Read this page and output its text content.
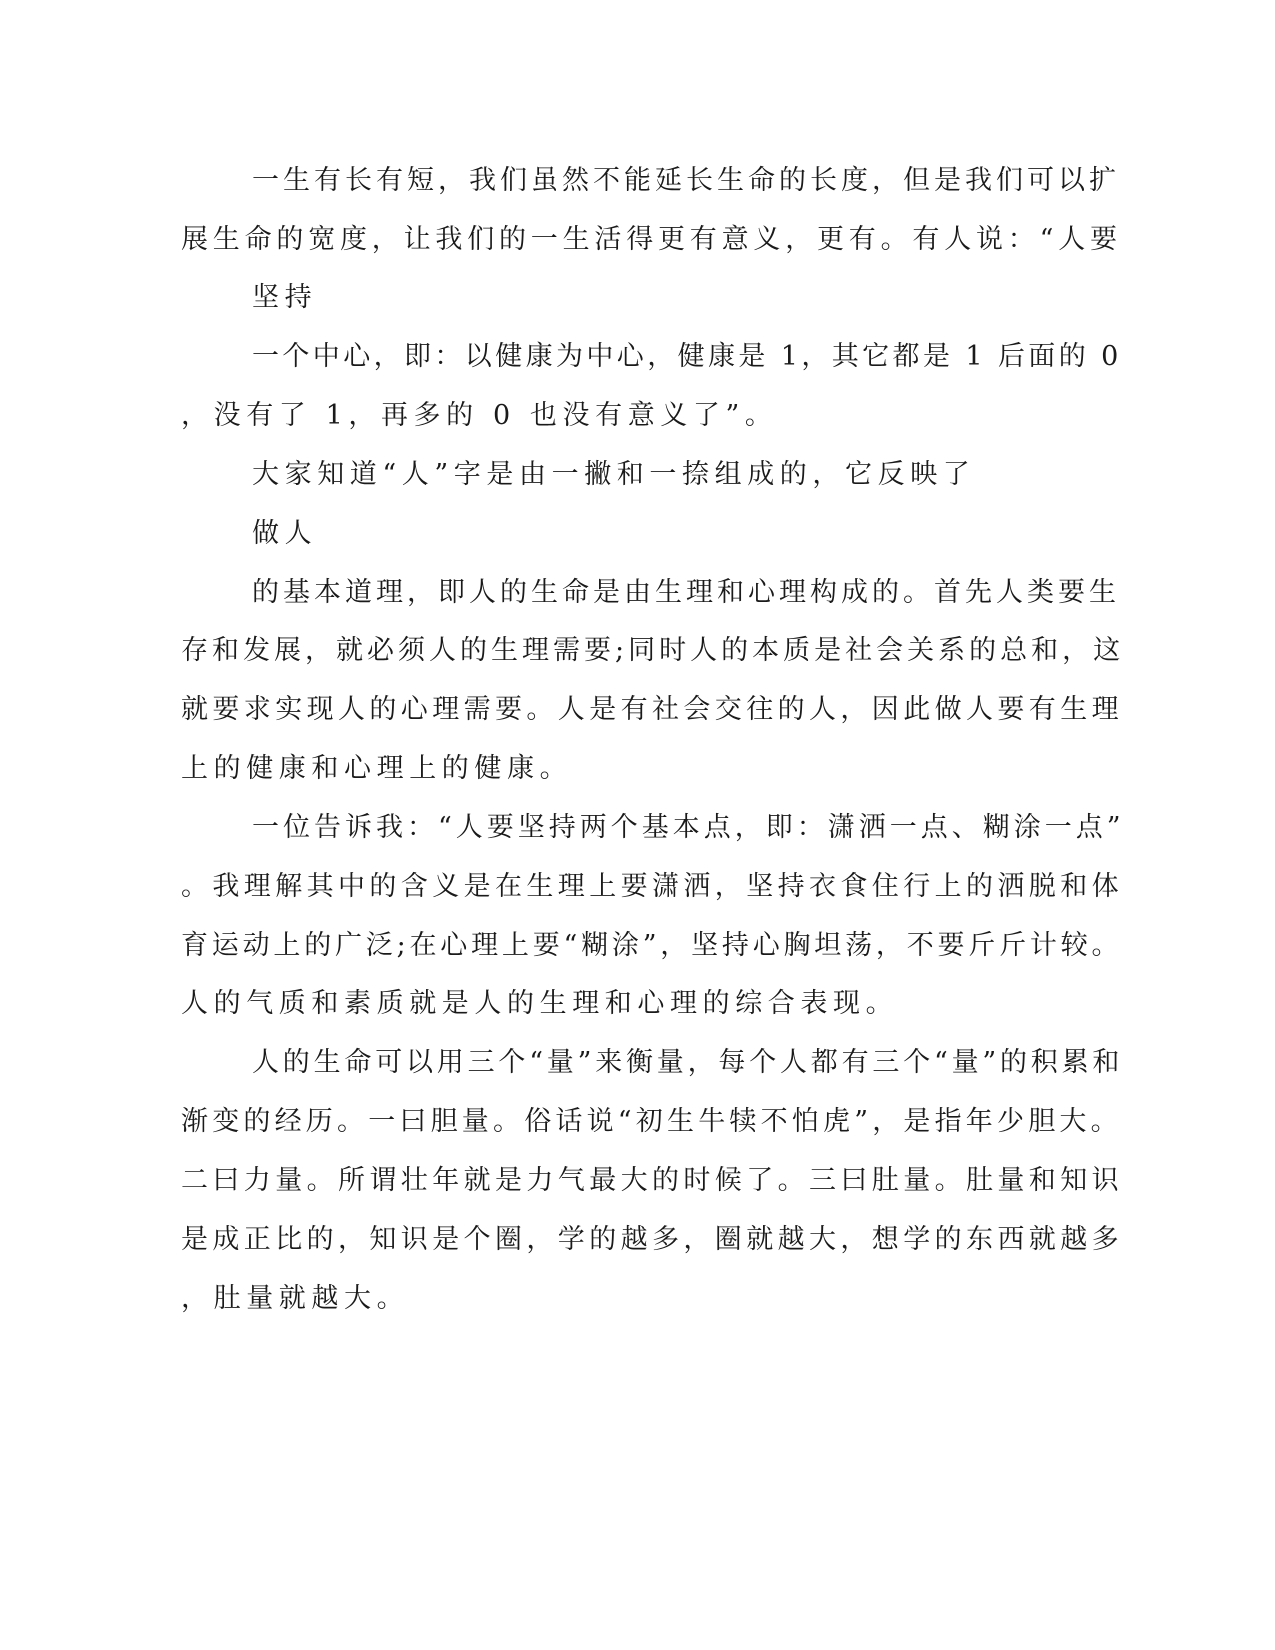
一生有长有短，我们虽然不能延长生命的长度，但是我们可以扩
展生命的宽度，让我们的一生活得更有意义，更有。有人说：“人要
坚持
一个中心，即：以健康为中心，健康是 1，其它都是 1 后面的 0
，没有了 1，再多的 0 也没有意义了”。
大家知道“人”字是由一撇和一捺组成的，它反映了
做人
的基本道理，即人的生命是由生理和心理构成的。首先人类要生
存和发展，就必须人的生理需要;同时人的本质是社会关系的总和，这
就要求实现人的心理需要。人是有社会交往的人，因此做人要有生理
上的健康和心理上的健康。
一位告诉我：“人要坚持两个基本点，即：潇洒一点、糊涂一点”
。我理解其中的含义是在生理上要潇洒，坚持衣食住行上的洒脱和体
育运动上的广泛;在心理上要“糊涂”，坚持心胸坦荡，不要斤斤计较。
人的气质和素质就是人的生理和心理的综合表现。
人的生命可以用三个“量”来衡量，每个人都有三个“量”的积累和
渐变的经历。一曰胆量。俗话说“初生牛犊不怕虎”，是指年少胆大。
二曰力量。所谓壮年就是力气最大的时候了。三曰肚量。肚量和知识
是成正比的，知识是个圈，学的越多，圈就越大，想学的东西就越多
，肚量就越大。
